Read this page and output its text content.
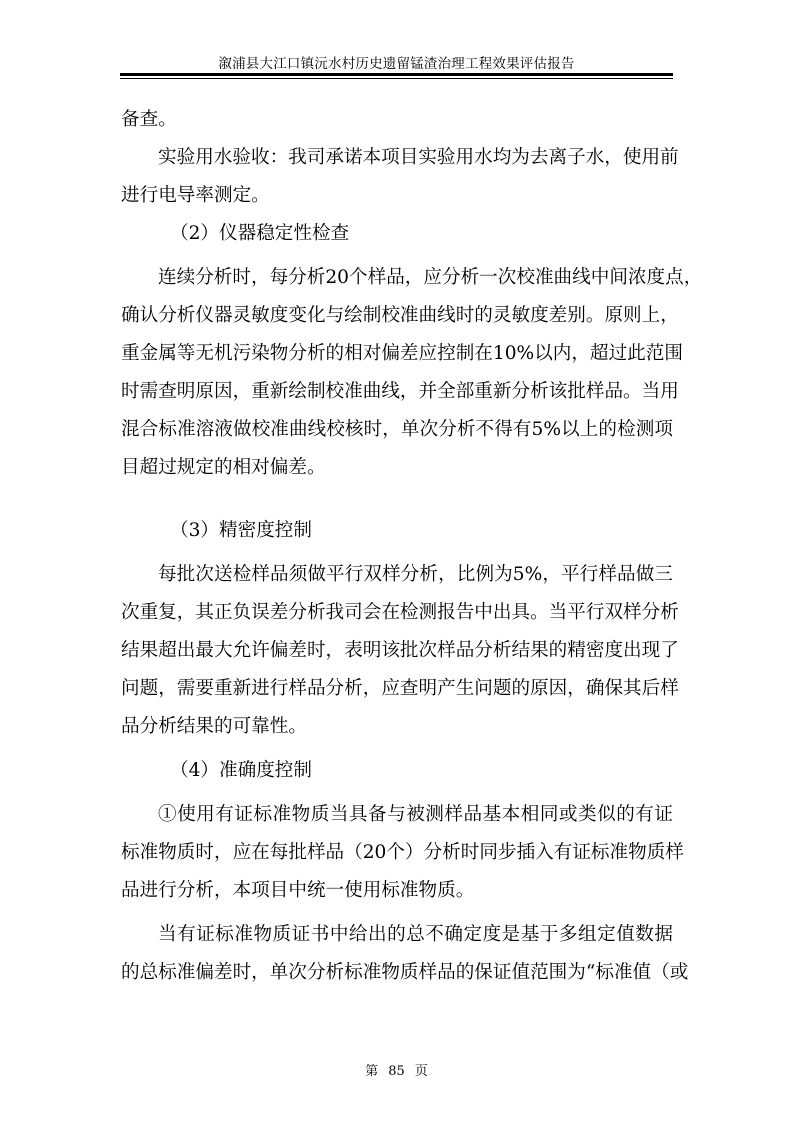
溆浦县大江口镇沅水村历史遗留锰渣治理工程效果评估报告
备查。
实验用水验收：我司承诺本项目实验用水均为去离子水，使用前
进行电导率测定。
（2）仪器稳定性检查
连续分析时，每分析20个样品，应分析一次校准曲线中间浓度点，
确认分析仪器灵敏度变化与绘制校准曲线时的灵敏度差别。原则上，
重金属等无机污染物分析的相对偏差应控制在10%以内，超过此范围
时需查明原因，重新绘制校准曲线，并全部重新分析该批样品。当用
混合标准溶液做校准曲线校核时，单次分析不得有5%以上的检测项
目超过规定的相对偏差。
（3）精密度控制
每批次送检样品须做平行双样分析，比例为5%，平行样品做三
次重复，其正负误差分析我司会在检测报告中出具。当平行双样分析
结果超出最大允许偏差时，表明该批次样品分析结果的精密度出现了
问题，需要重新进行样品分析，应查明产生问题的原因，确保其后样
品分析结果的可靠性。
（4）准确度控制
①使用有证标准物质当具备与被测样品基本相同或类似的有证
标准物质时，应在每批样品（20个）分析时同步插入有证标准物质样
品进行分析，本项目中统一使用标准物质。
当有证标准物质证书中给出的总不确定度是基于多组定值数据
的总标准偏差时，单次分析标准物质样品的保证值范围为“标准值（或
第 85 页
